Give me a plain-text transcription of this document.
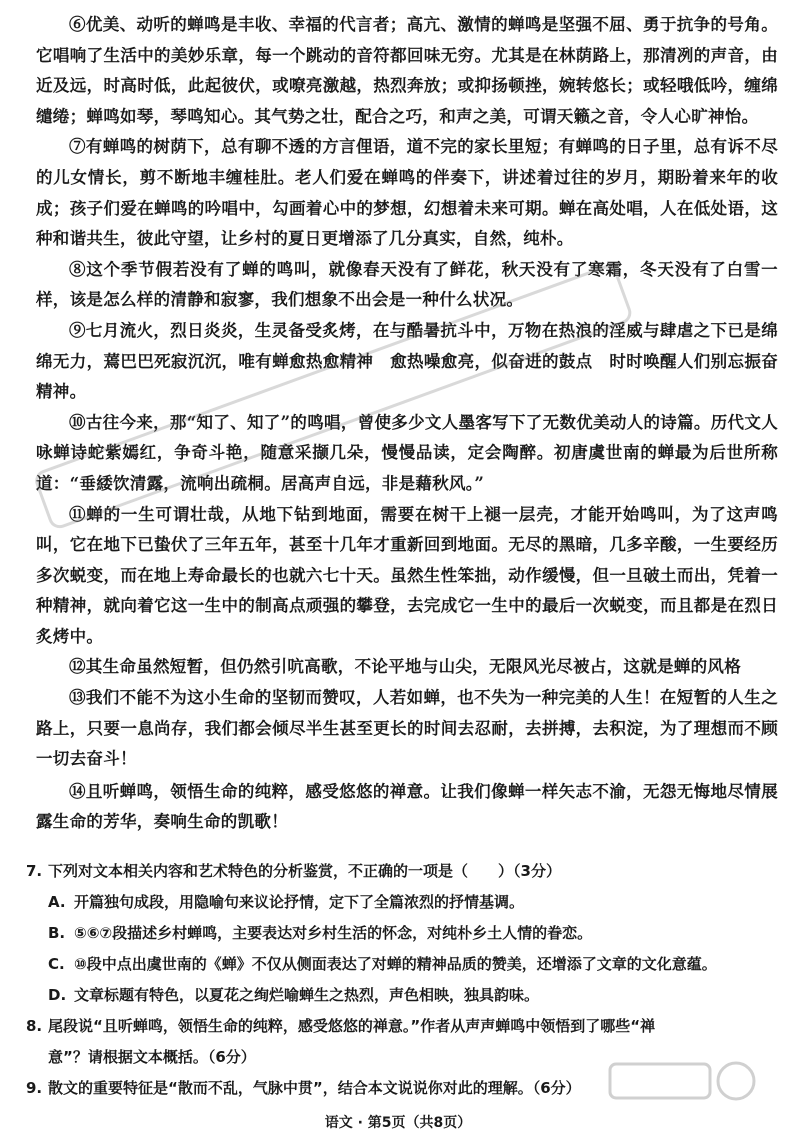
⑥优美、动听的蝉鸣是丰收、幸福的代言者；高亢、激情的蝉鸣是坚强不屈、勇于抗争的号角。它唱响了生活中的美妙乐章，每一个跳动的音符都回味无穷。尤其是在林荫路上，那清冽的声音，由近及远，时高时低，此起彼伏，或嘹亮激越，热烈奔放；或抑扬顿挫，婉转悠长；或轻哦低吟，缠绵缱绻；蝉鸣如琴，琴鸣知心。其气势之壮，配合之巧，和声之美，可谓天籁之音，令人心旷神怡。

⑦有蝉鸣的树荫下，总有聊不透的方言俚语，道不完的家长里短；有蝉鸣的日子里，总有诉不尽的儿女情长，剪不断地丰缠桂肚。老人们爱在蝉鸣的伴奏下，讲述着过往的岁月，期盼着来年的收成；孩子们爱在蝉鸣的吟唱中，勾画着心中的梦想，幻想着未来可期。蝉在高处唱，人在低处语，这种和谐共生，彼此守望，让乡村的夏日更增添了几分真实，自然，纯朴。

⑧这个季节假若没有了蝉的鸣叫，就像春天没有了鲜花，秋天没有了寒霜，冬天没有了白雪一样，该是怎么样的清静和寂寥，我们想象不出会是一种什么状况。

⑨七月流火，烈日炎炎，生灵备受炙烤，在与酷暑抗斗中，万物在热浪的淫威与肆虐之下已是绵绵无力，蔫巴巴死寂沉沉，唯有蝉愈热愈精神　愈热噪愈亮，似奋进的鼓点　时时唤醒人们别忘振奋精神。

⑩古往今来，那“知了、知了”的鸣唱，曾使多少文人墨客写下了无数优美动人的诗篇。历代文人咏蝉诗蛇紫嫣红，争奇斗艳，随意采撷几朵，慢慢品读，定会陶醉。初唐虞世南的蝉最为后世所称道：“垂緌饮清露，流响出疏桐。居高声自远，非是藉秋风。”

⑪蝉的一生可谓壮哉，从地下钻到地面，需要在树干上褪一层壳，才能开始鸣叫，为了这声鸣叫，它在地下已蛰伏了三年五年，甚至十几年才重新回到地面。无尽的黑暗，几多辛酸，一生要经历多次蜕变，而在地上寿命最长的也就六七十天。虽然生性笨拙，动作缓慢，但一旦破土而出，凭着一种精神，就向着它这一生中的制高点顽强的攀登，去完成它一生中的最后一次蜕变，而且都是在烈日炙烤中。

⑫其生命虽然短暂，但仍然引吭高歌，不论平地与山尖，无限风光尽被占，这就是蝉的风格

⑬我们不能不为这小生命的坚韧而赞叹，人若如蝉，也不失为一种完美的人生！在短暂的人生之路上，只要一息尚存，我们都会倾尽半生甚至更长的时间去忍耐，去拼搏，去积淀，为了理想而不顾一切去奋斗！

⑭且听蝉鸣，领悟生命的纯粹，感受悠悠的禅意。让我们像蝉一样矢志不渝，无怨无悔地尽情展露生命的芳华，奏响生命的凯歌！

7. 下列对文本相关内容和艺术特色的分析鉴赏，不正确的一项是（　　）（3分）

A. 开篇独句成段，用隐喻句来议论抒情，定下了全篇浓烈的抒情基调。

B. ⑤⑥⑦段描述乡村蝉鸣，主要表达对乡村生活的怀念，对纯朴乡土人情的眷恋。

C. ⑩段中点出虞世南的《蝉》不仅从侧面表达了对蝉的精神品质的赞美，还增添了文章的文化意蕴。

D. 文章标题有特色，以夏花之绚烂喻蝉生之热烈，声色相映，独具韵味。

8. 尾段说“且听蝉鸣，领悟生命的纯粹，感受悠悠的禅意。”作者从声声蝉鸣中领悟到了哪些“禅

意”？请根据文本概括。（6分）

9. 散文的重要特征是“散而不乱，气脉中贯”，结合本文说说你对此的理解。（6分）

语文 · 第5页（共8页）
